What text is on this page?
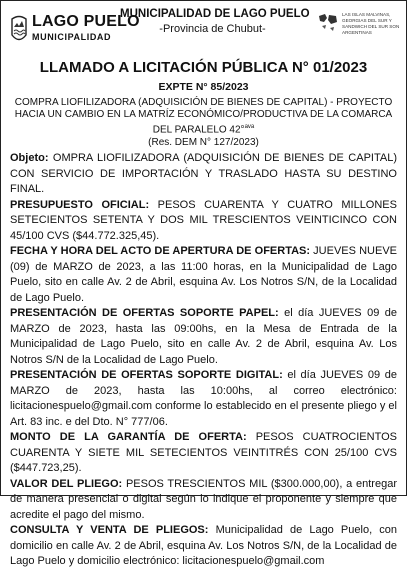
LAGO PUELO
MUNICIPALIDAD
MUNICIPALIDAD DE LAGO PUELO
-Provincia de Chubut-
LAS ISLAS MALVINAS, GEORGIAS DEL SUR Y SANDWICH DEL SUR SON ARGENTINAS
LLAMADO A LICITACIÓN PÚBLICA N° 01/2023
EXPTE N° 85/2023
COMPRA LIOFILIZADORA (ADQUISICIÓN DE BIENES DE CAPITAL) - PROYECTO HACIA UN CAMBIO EN LA MATRÍZ ECONÓMICO/PRODUCTIVA DE LA COMARCA DEL PARALELO 42°$^{ava}$
(Res. DEM N° 127/2023)

Objeto: OMPRA LIOFILIZADORA (ADQUISICIÓN DE BIENES DE CAPITAL) CON SERVICIO DE IMPORTACIÓN Y TRASLADO HASTA SU DESTINO FINAL.

PRESUPUESTO OFICIAL: PESOS CUARENTA Y CUATRO MILLONES SETECIENTOS SETENTA Y DOS MIL TRESCIENTOS VEINTICINCO CON 45/100 CVS ($44.772.325,45).

FECHA Y HORA DEL ACTO DE APERTURA DE OFERTAS: JUEVES NUEVE (09) de MARZO de 2023, a las 11:00 horas, en la Municipalidad de Lago Puelo, sito en calle Av. 2 de Abril, esquina Av. Los Notros S/N, de la Localidad de Lago Puelo.

PRESENTACIÓN DE OFERTAS SOPORTE PAPEL: el día JUEVES 09 de MARZO de 2023, hasta las 09:00hs, en la Mesa de Entrada de la Municipalidad de Lago Puelo, sito en calle Av. 2 de Abril, esquina Av. Los Notros S/N de la Localidad de Lago Puelo.

PRESENTACIÓN DE OFERTAS SOPORTE DIGITAL: el día JUEVES 09 de MARZO de 2023, hasta las 10:00hs, al correo electrónico: licitacionespuelo@gmail.com conforme lo establecido en el presente pliego y el Art. 83 inc. e del Dto. N° 777/06.

MONTO DE LA GARANTÍA DE OFERTA: PESOS CUATROCIENTOS CUARENTA Y SIETE MIL SETECIENTOS VEINTITRÉS CON 25/100 CVS ($447.723,25).

VALOR DEL PLIEGO: PESOS TRESCIENTOS MIL ($300.000,00), a entregar de manera presencial o digital según lo indique el proponente y siempre que acredite el pago del mismo.

CONSULTA Y VENTA DE PLIEGOS: Municipalidad de Lago Puelo, con domicilio en calle Av. 2 de Abril, esquina Av. Los Notros S/N, de la Localidad de Lago Puelo y domicilio electrónico: licitacionespuelo@gmail.com
